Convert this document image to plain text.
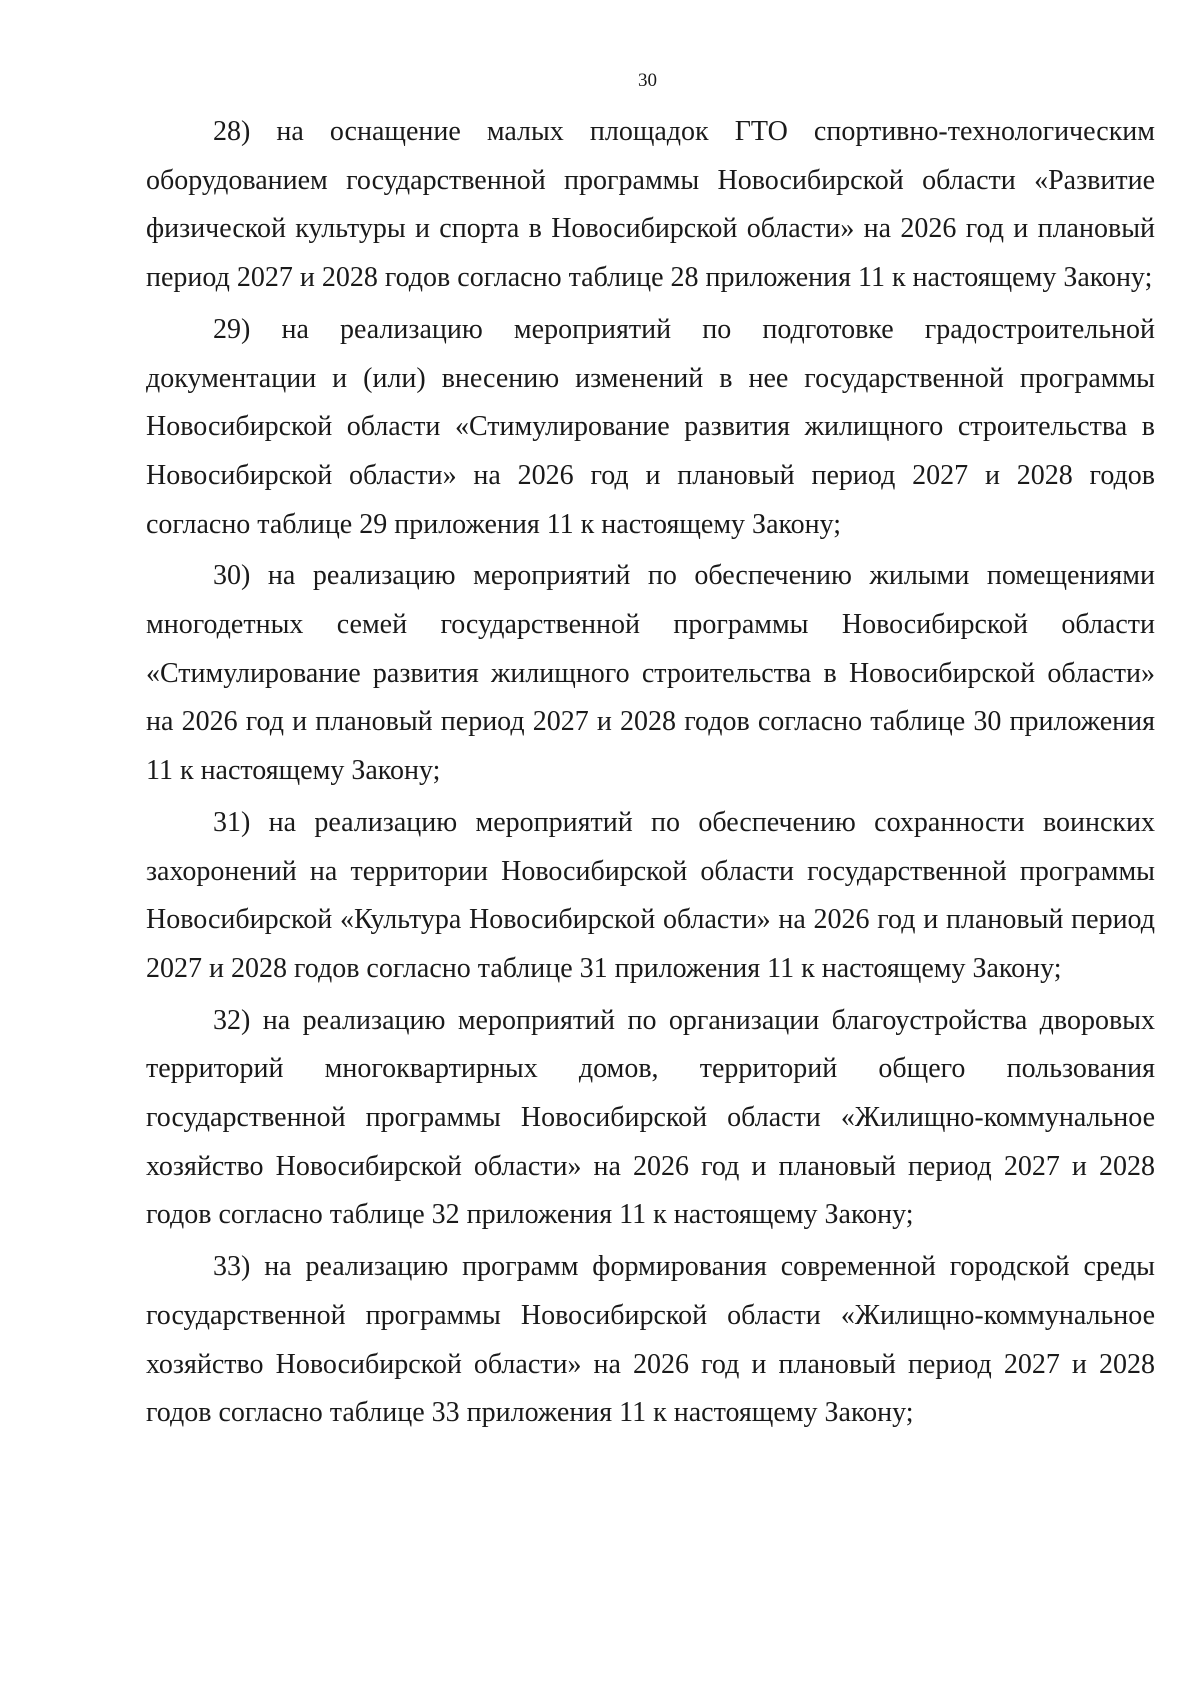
30

28) на оснащение малых площадок ГТО спортивно-технологическим оборудованием государственной программы Новосибирской области «Развитие физической культуры и спорта в Новосибирской области» на 2026 год и плановый период 2027 и 2028 годов согласно таблице 28 приложения 11 к настоящему Закону;

29) на реализацию мероприятий по подготовке градостроительной документации и (или) внесению изменений в нее государственной программы Новосибирской области «Стимулирование развития жилищного строительства в Новосибирской области» на 2026 год и плановый период 2027 и 2028 годов согласно таблице 29 приложения 11 к настоящему Закону;

30) на реализацию мероприятий по обеспечению жилыми помещениями многодетных семей государственной программы Новосибирской области «Стимулирование развития жилищного строительства в Новосибирской области» на 2026 год и плановый период 2027 и 2028 годов согласно таблице 30 приложения 11 к настоящему Закону;

31) на реализацию мероприятий по обеспечению сохранности воинских захоронений на территории Новосибирской области государственной программы Новосибирской «Культура Новосибирской области» на 2026 год и плановый период 2027 и 2028 годов согласно таблице 31 приложения 11 к настоящему Закону;

32) на реализацию мероприятий по организации благоустройства дворовых территорий многоквартирных домов, территорий общего пользования государственной программы Новосибирской области «Жилищно-коммунальное хозяйство Новосибирской области» на 2026 год и плановый период 2027 и 2028 годов согласно таблице 32 приложения 11 к настоящему Закону;

33) на реализацию программ формирования современной городской среды государственной программы Новосибирской области «Жилищно-коммунальное хозяйство Новосибирской области» на 2026 год и плановый период 2027 и 2028 годов согласно таблице 33 приложения 11 к настоящему Закону;
